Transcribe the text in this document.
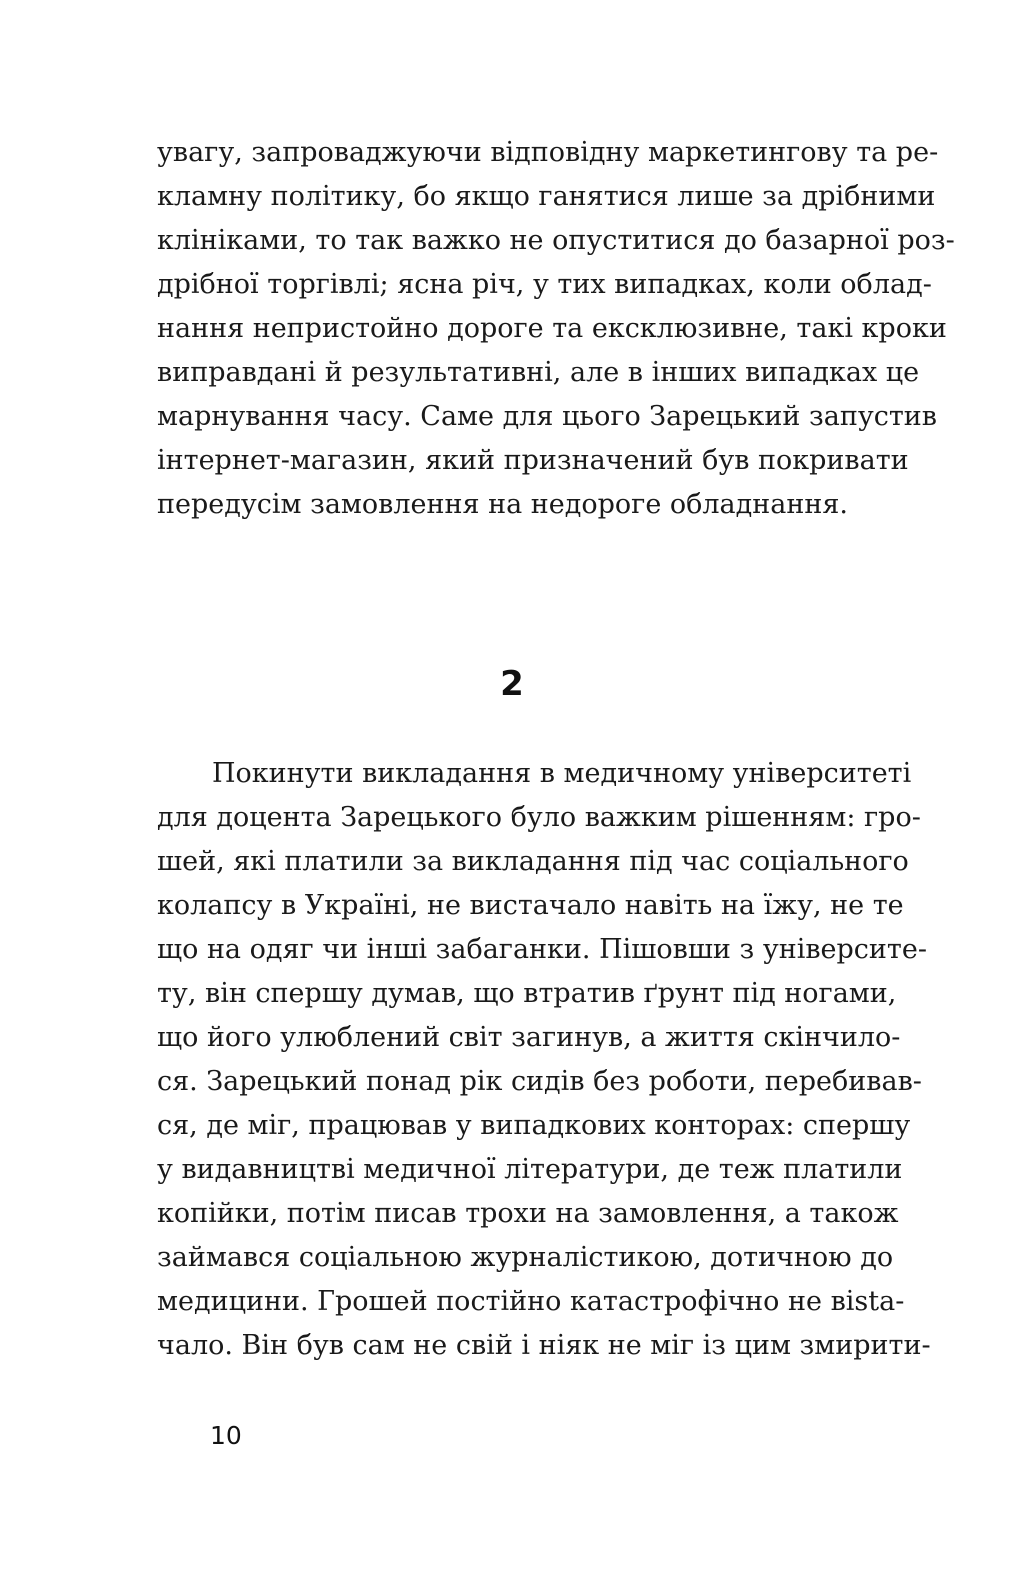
увагу, запроваджуючи відповідну маркетингову та ре-
кламну політику, бо якщо ганятися лише за дрібними
клініками, то так важко не опуститися до базарної роз-
дрібної торгівлі; ясна річ, у тих випадках, коли облад-
нання непристойно дороге та ексклюзивне, такі кроки
виправдані й результативні, але в інших випадках це
марнування часу. Саме для цього Зарецький запустив
інтернет-магазин, який призначений був покривати
передусім замовлення на недороге обладнання.
2
Покинути викладання в медичному університеті
для доцента Зарецького було важким рішенням: гро-
шей, які платили за викладання під час соціального
колапсу в Україні, не вистачало навіть на їжу, не те
що на одяг чи інші забаганки. Пішовши з університе-
ту, він спершу думав, що втратив ґрунт під ногами,
що його улюблений світ загинув, а життя скінчило-
ся. Зарецький понад рік сидів без роботи, перебивав-
ся, де міг, працював у випадкових конторах: спершу
у видавництві медичної літератури, де теж платили
копійки, потім писав трохи на замовлення, а також
займався соціальною журналістикою, дотичною до
медицини. Грошей постійно катастрофічно не вista-
чало. Він був сам не свій і ніяк не міг із цим змирити-
10
